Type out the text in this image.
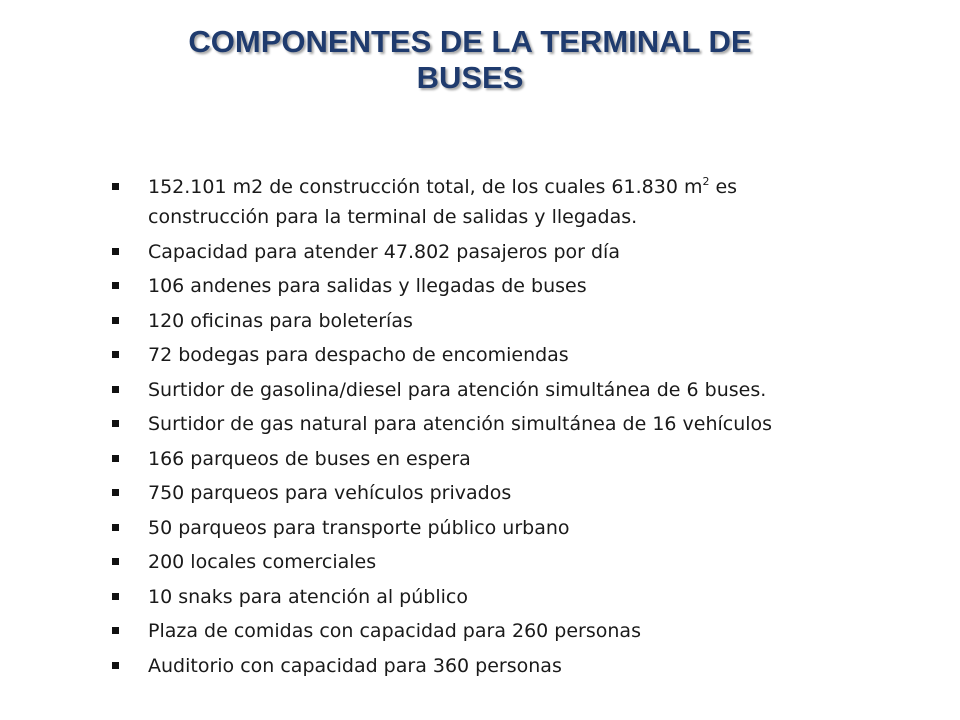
COMPONENTES DE LA TERMINAL DE BUSES
152.101 m2 de construcción total, de los cuales 61.830 $m^2$ es construcción para la terminal de salidas y llegadas.
Capacidad para atender 47.802 pasajeros por día
106 andenes para salidas y llegadas de buses
120 oficinas para boleterías
72 bodegas para despacho de encomiendas
Surtidor de gasolina/diesel para atención simultánea de 6 buses.
Surtidor de gas natural para atención simultánea de 16 vehículos
166 parqueos de buses en espera
750 parqueos para vehículos privados
50 parqueos para transporte público urbano
200 locales comerciales
10 snaks para atención al público
Plaza de comidas con capacidad para 260 personas
Auditorio con capacidad para 360 personas
